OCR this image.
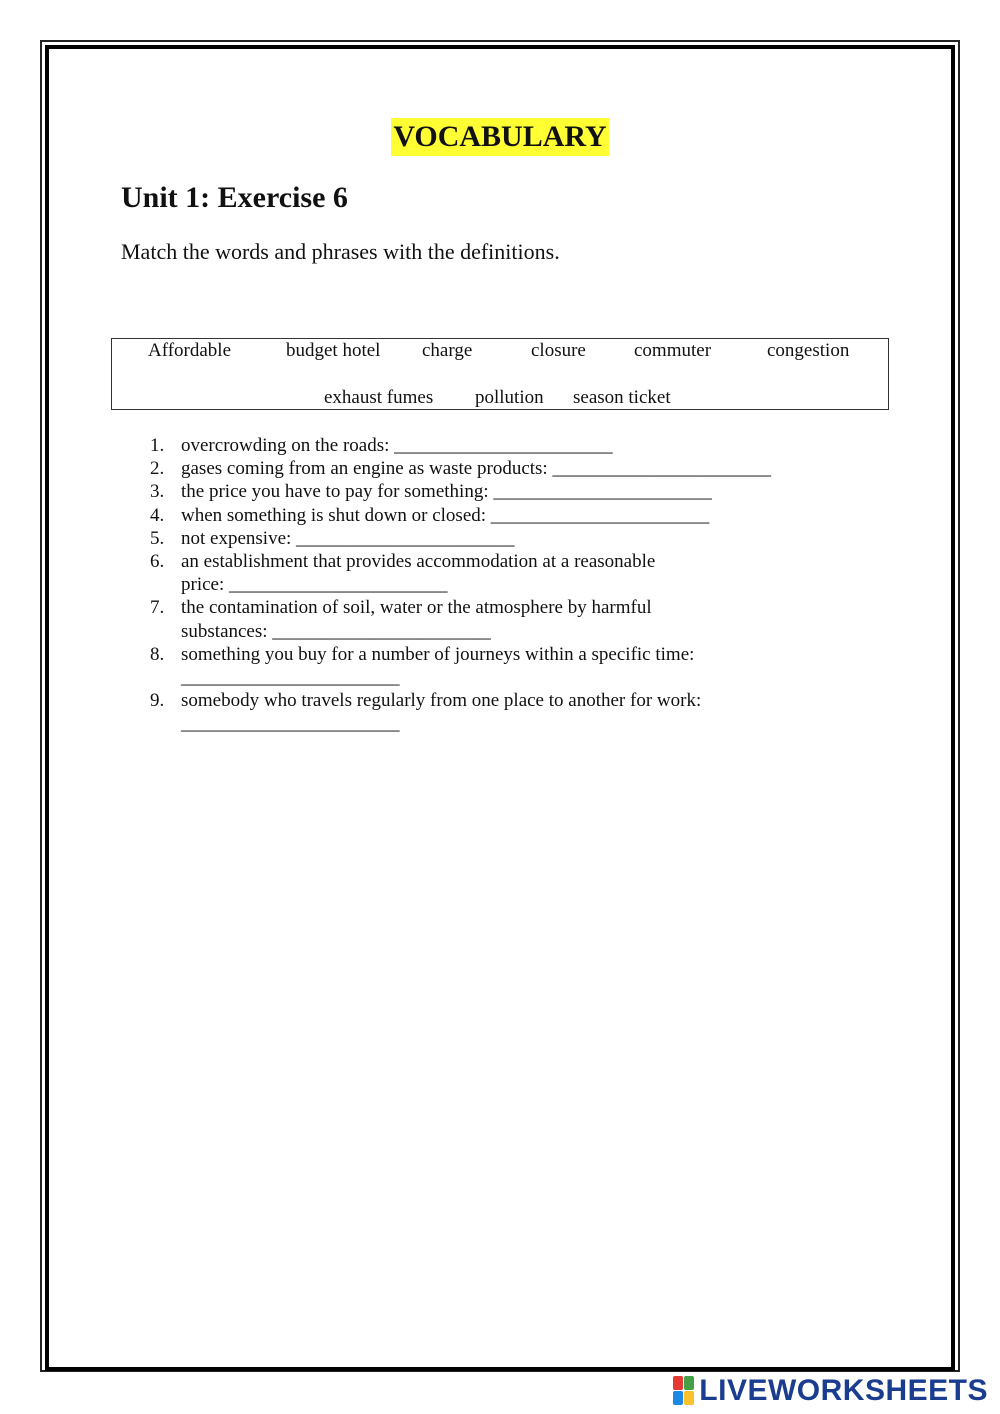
VOCABULARY
Unit 1: Exercise 6
Match the words and phrases with the definitions.
Affordable	budget hotel charge	closure	commuter	congestion
exhaust fumes pollution season ticket
1. overcrowding on the roads: _______________________
2. gases coming from an engine as waste products: _______________________
3. the price you have to pay for something: _______________________
4. when something is shut down or closed: _______________________
5. not expensive: _______________________
6. an establishment that provides accommodation at a reasonable
price: _______________________
7. the contamination of soil, water or the atmosphere by harmful
substances: _______________________
8. something you buy for a number of journeys within a specific time:
_______________________
9. somebody who travels regularly from one place to another for work:
_______________________
LIVEWORKSHEETS
